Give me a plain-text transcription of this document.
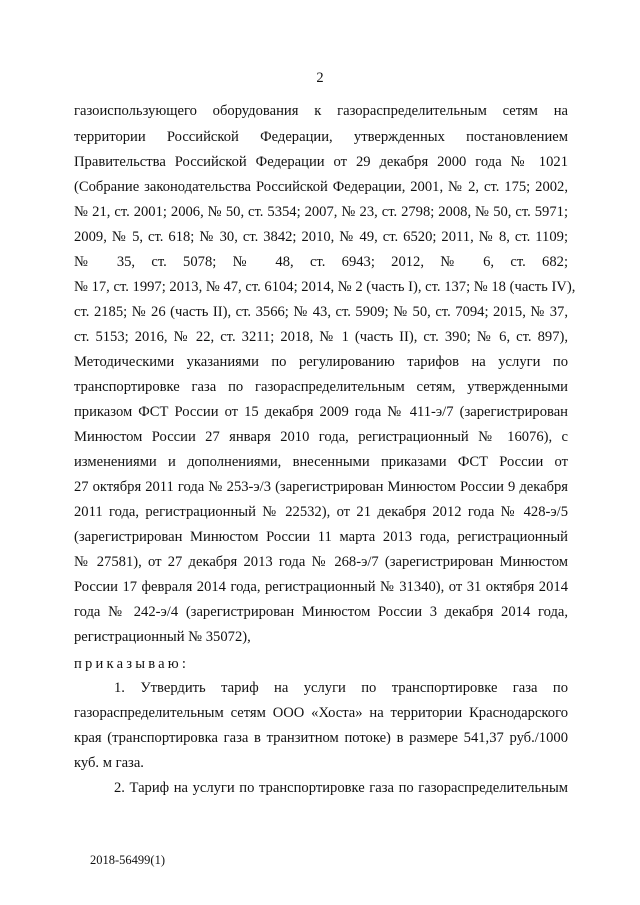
2
газоиспользующего оборудования к газораспределительным сетям на
территории Российской Федерации, утвержденных постановлением
Правительства Российской Федерации от 29 декабря 2000 года № 1021
(Собрание законодательства Российской Федерации, 2001, № 2, ст. 175; 2002,
№ 21, ст. 2001; 2006, № 50, ст. 5354; 2007, № 23, ст. 2798; 2008, № 50, ст. 5971;
2009, № 5, ст. 618; № 30, ст. 3842; 2010, № 49, ст. 6520; 2011, № 8, ст. 1109;
№ 35, ст. 5078; № 48, ст. 6943; 2012, № 6, ст. 682;
№ 17, ст. 1997; 2013, № 47, ст. 6104; 2014, № 2 (часть I), ст. 137; № 18 (часть IV),
ст. 2185; № 26 (часть II), ст. 3566; № 43, ст. 5909; № 50, ст. 7094; 2015, № 37,
ст. 5153; 2016, № 22, ст. 3211; 2018, № 1 (часть II), ст. 390; № 6, ст. 897),
Методическими указаниями по регулированию тарифов на услуги по
транспортировке газа по газораспределительным сетям, утвержденными
приказом ФСТ России от 15 декабря 2009 года № 411-э/7 (зарегистрирован
Минюстом России 27 января 2010 года, регистрационный № 16076), с
изменениями и дополнениями, внесенными приказами ФСТ России от
27 октября 2011 года № 253-э/3 (зарегистрирован Минюстом России 9 декабря
2011 года, регистрационный № 22532), от 21 декабря 2012 года № 428-э/5
(зарегистрирован Минюстом России 11 марта 2013 года, регистрационный
№ 27581), от 27 декабря 2013 года № 268-э/7 (зарегистрирован Минюстом
России 17 февраля 2014 года, регистрационный № 31340), от 31 октября 2014
года № 242-э/4 (зарегистрирован Минюстом России 3 декабря 2014 года,
регистрационный № 35072),
приказываю:
1. Утвердить тариф на услуги по транспортировке газа по
газораспределительным сетям ООО «Хоста» на территории Краснодарского
края (транспортировка газа в транзитном потоке) в размере 541,37 руб./1000
куб. м газа.
2. Тариф на услуги по транспортировке газа по газораспределительным
2018-56499(1)
